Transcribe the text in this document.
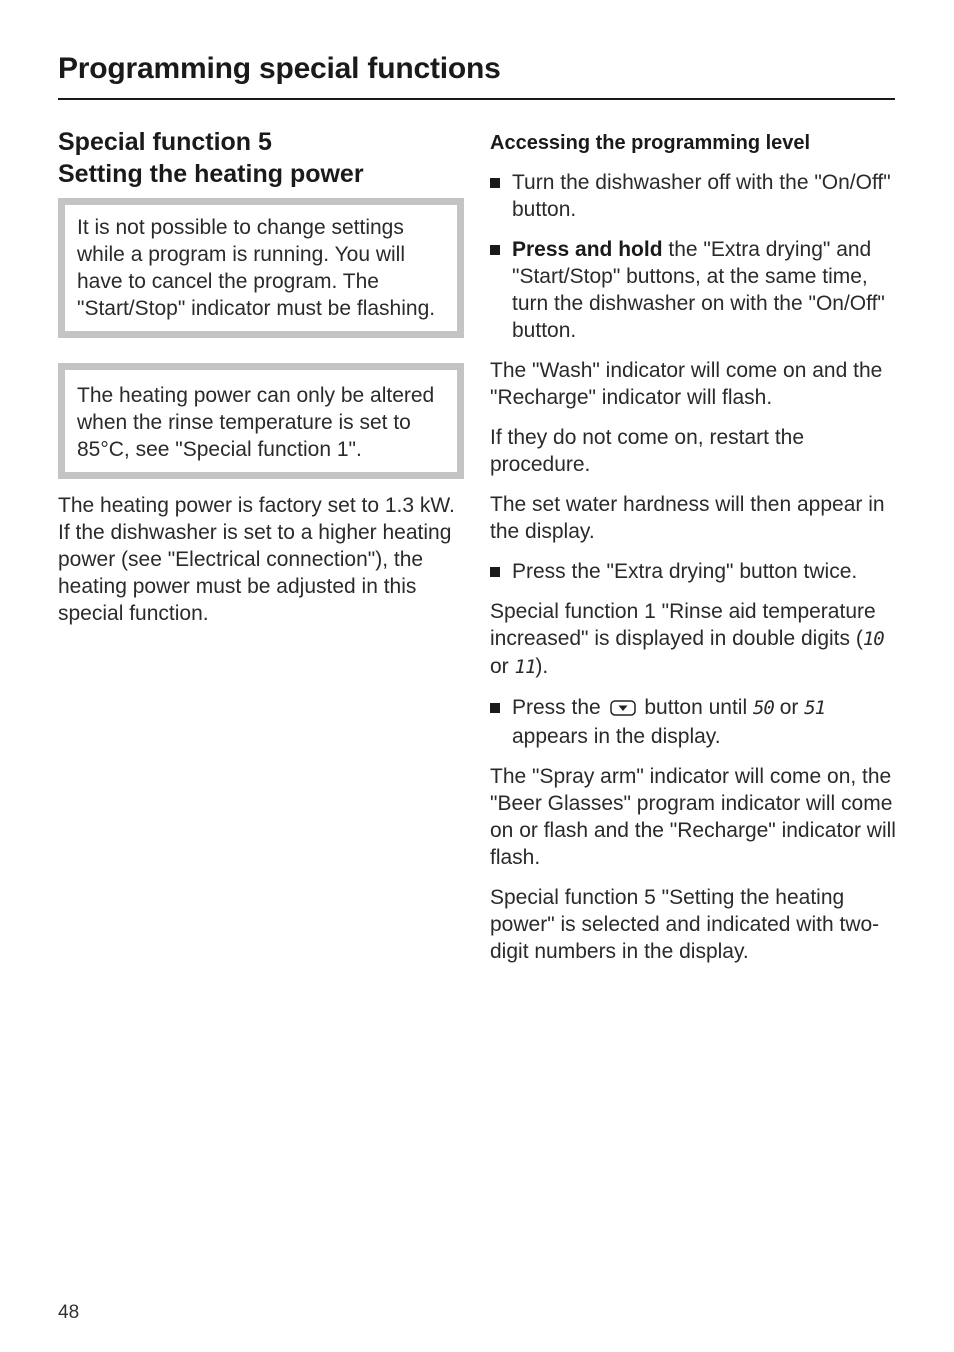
Programming special functions
Special function 5
Setting the heating power
It is not possible to change settings while a program is running. You will have to cancel the program. The "Start/Stop" indicator must be flashing.
The heating power can only be altered when the rinse temperature is set to 85°C, see "Special function 1".

The heating power is factory set to 1.3 kW.
If the dishwasher is set to a higher heating power (see "Electrical connection"), the heating power must be adjusted in this special function.

Accessing the programming level
Turn the dishwasher off with the "On/Off" button.
Press and hold the "Extra drying" and "Start/Stop" buttons, at the same time, turn the dishwasher on with the "On/Off" button.

The "Wash" indicator will come on and the "Recharge" indicator will flash.

If they do not come on, restart the procedure.

The set water hardness will then appear in the display.

Press the "Extra drying" button twice.

Special function 1 "Rinse aid temperature increased" is displayed in double digits (10 or 11).

Press the  button until 50 or 51 appears in the display.

The "Spray arm" indicator will come on, the "Beer Glasses" program indicator will come on or flash and the "Recharge" indicator will flash.

Special function 5 "Setting the heating power" is selected and indicated with two-digit numbers in the display.

48
